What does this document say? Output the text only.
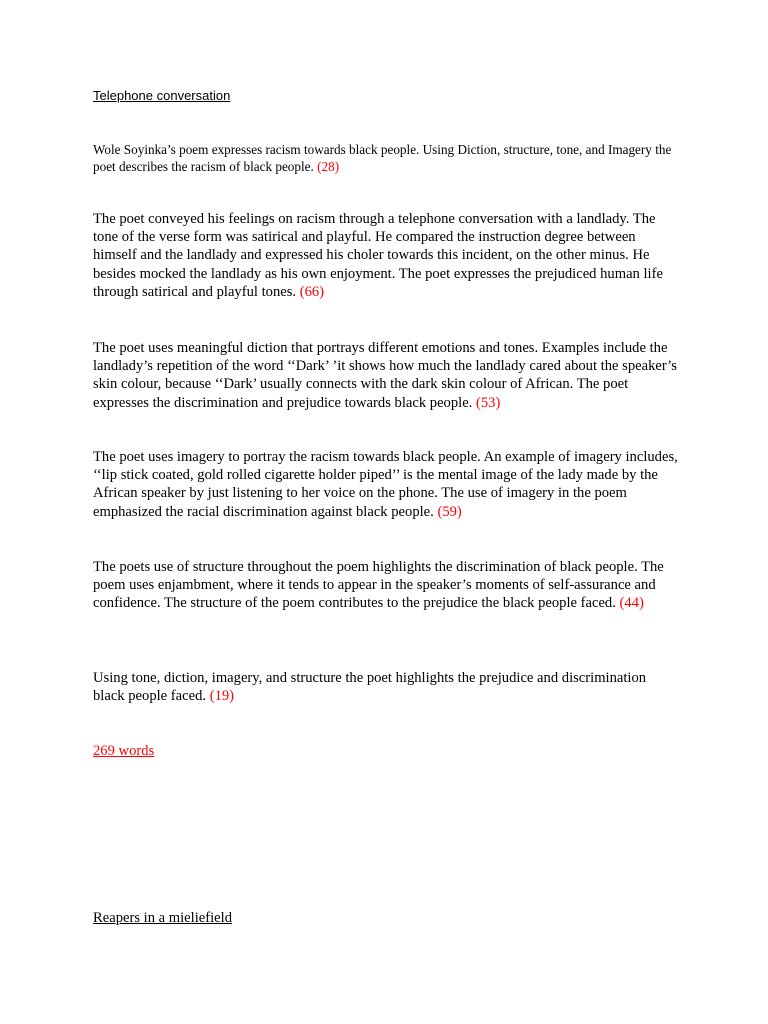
Telephone conversation

Wole Soyinka’s poem expresses racism towards black people. Using Diction, structure, tone, and Imagery the poet describes the racism of black people. (28)

The poet conveyed his feelings on racism through a telephone conversation with a landlady. The tone of the verse form was satirical and playful. He compared the instruction degree between himself and the landlady and expressed his choler towards this incident, on the other minus. He besides mocked the landlady as his own enjoyment. The poet expresses the prejudiced human life through satirical and playful tones. (66)

The poet uses meaningful diction that portrays different emotions and tones. Examples include the landlady’s repetition of the word ‘‘Dark’ ’it shows how much the landlady cared about the speaker’s skin colour, because ‘‘Dark’ usually connects with the dark skin colour of African. The poet expresses the discrimination and prejudice towards black people. (53)

The poet uses imagery to portray the racism towards black people. An example of imagery includes, ‘‘lip stick coated, gold rolled cigarette holder piped’’ is the mental image of the lady made by the African speaker by just listening to her voice on the phone. The use of imagery in the poem emphasized the racial discrimination against black people. (59)

The poets use of structure throughout the poem highlights the discrimination of black people. The poem uses enjambment, where it tends to appear in the speaker’s moments of self-assurance and confidence. The structure of the poem contributes to the prejudice the black people faced. (44)

Using tone, diction, imagery, and structure the poet highlights the prejudice and discrimination black people faced. (19)

269 words

Reapers in a mieliefield
